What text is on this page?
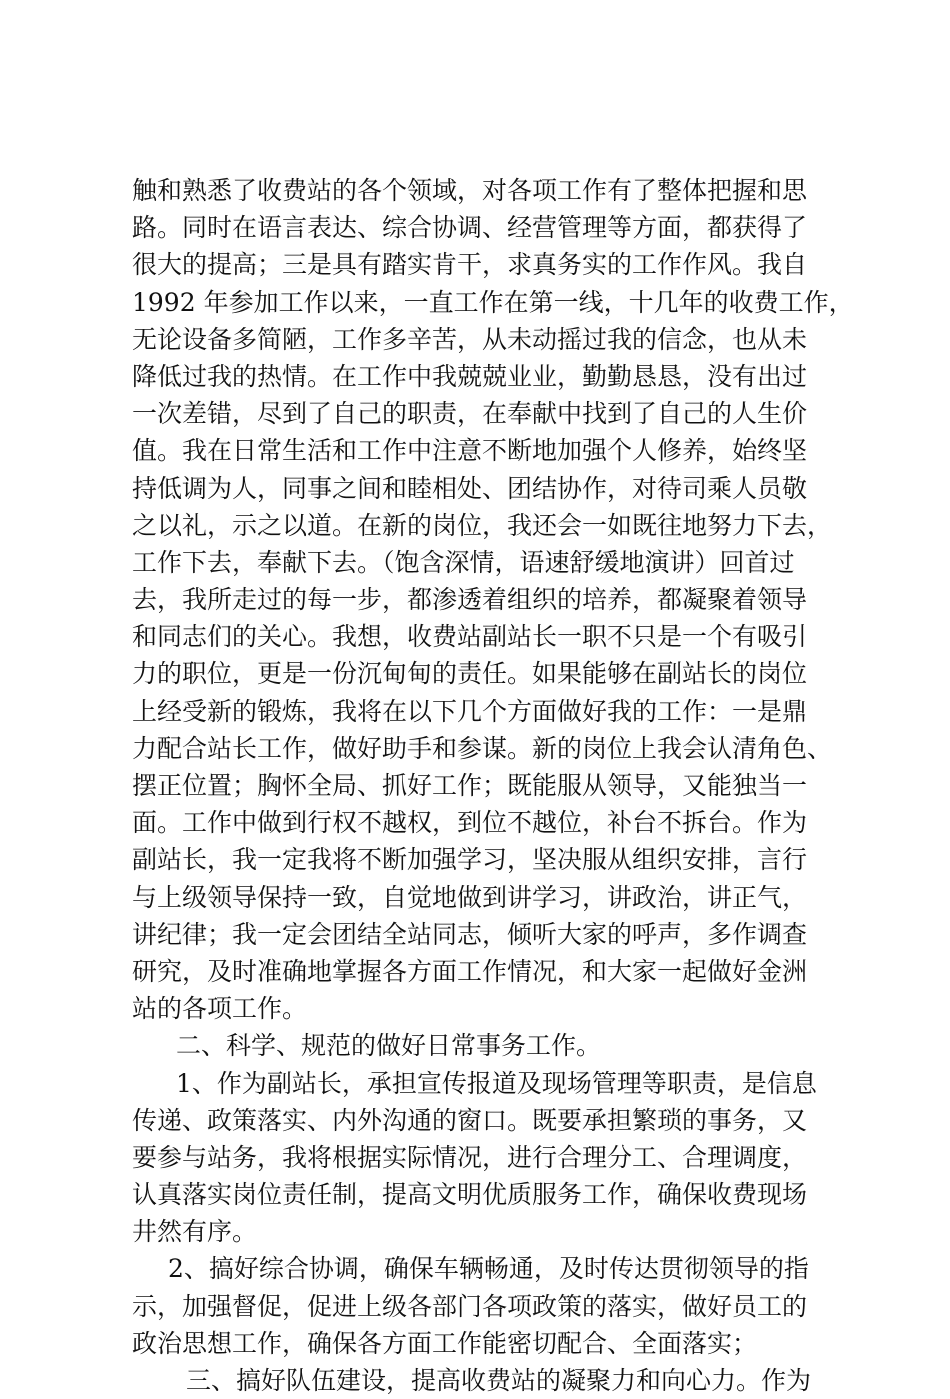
触和熟悉了收费站的各个领域，对各项工作有了整体把握和思
路。同时在语言表达、综合协调、经营管理等方面，都获得了
很大的提高；三是具有踏实肯干，求真务实的工作作风。我自
1992 年参加工作以来，一直工作在第一线，十几年的收费工作，
无论设备多简陋，工作多辛苦，从未动摇过我的信念，也从未
降低过我的热情。在工作中我兢兢业业，勤勤恳恳，没有出过
一次差错，尽到了自己的职责，在奉献中找到了自己的人生价
值。我在日常生活和工作中注意不断地加强个人修养，始终坚
持低调为人，同事之间和睦相处、团结协作，对待司乘人员敬
之以礼，示之以道。在新的岗位，我还会一如既往地努力下去，
工作下去，奉献下去。（饱含深情，语速舒缓地演讲）回首过
去，我所走过的每一步，都渗透着组织的培养，都凝聚着领导
和同志们的关心。我想，收费站副站长一职不只是一个有吸引
力的职位，更是一份沉甸甸的责任。如果能够在副站长的岗位
上经受新的锻炼，我将在以下几个方面做好我的工作：一是鼎
力配合站长工作，做好助手和参谋。新的岗位上我会认清角色、
摆正位置；胸怀全局、抓好工作；既能服从领导，又能独当一
面。工作中做到行权不越权，到位不越位，补台不拆台。作为
副站长，我一定我将不断加强学习，坚决服从组织安排，言行
与上级领导保持一致，自觉地做到讲学习，讲政治，讲正气，
讲纪律；我一定会团结全站同志，倾听大家的呼声，多作调查
研究，及时准确地掌握各方面工作情况，和大家一起做好金洲
站的各项工作。
二、科学、规范的做好日常事务工作。
1、作为副站长，承担宣传报道及现场管理等职责，是信息
传递、政策落实、内外沟通的窗口。既要承担繁琐的事务，又
要参与站务，我将根据实际情况，进行合理分工、合理调度，
认真落实岗位责任制，提高文明优质服务工作，确保收费现场
井然有序。
2、搞好综合协调，确保车辆畅通，及时传达贯彻领导的指
示，加强督促，促进上级各部门各项政策的落实，做好员工的
政治思想工作，确保各方面工作能密切配合、全面落实；
三、搞好队伍建设，提高收费站的凝聚力和向心力。作为
